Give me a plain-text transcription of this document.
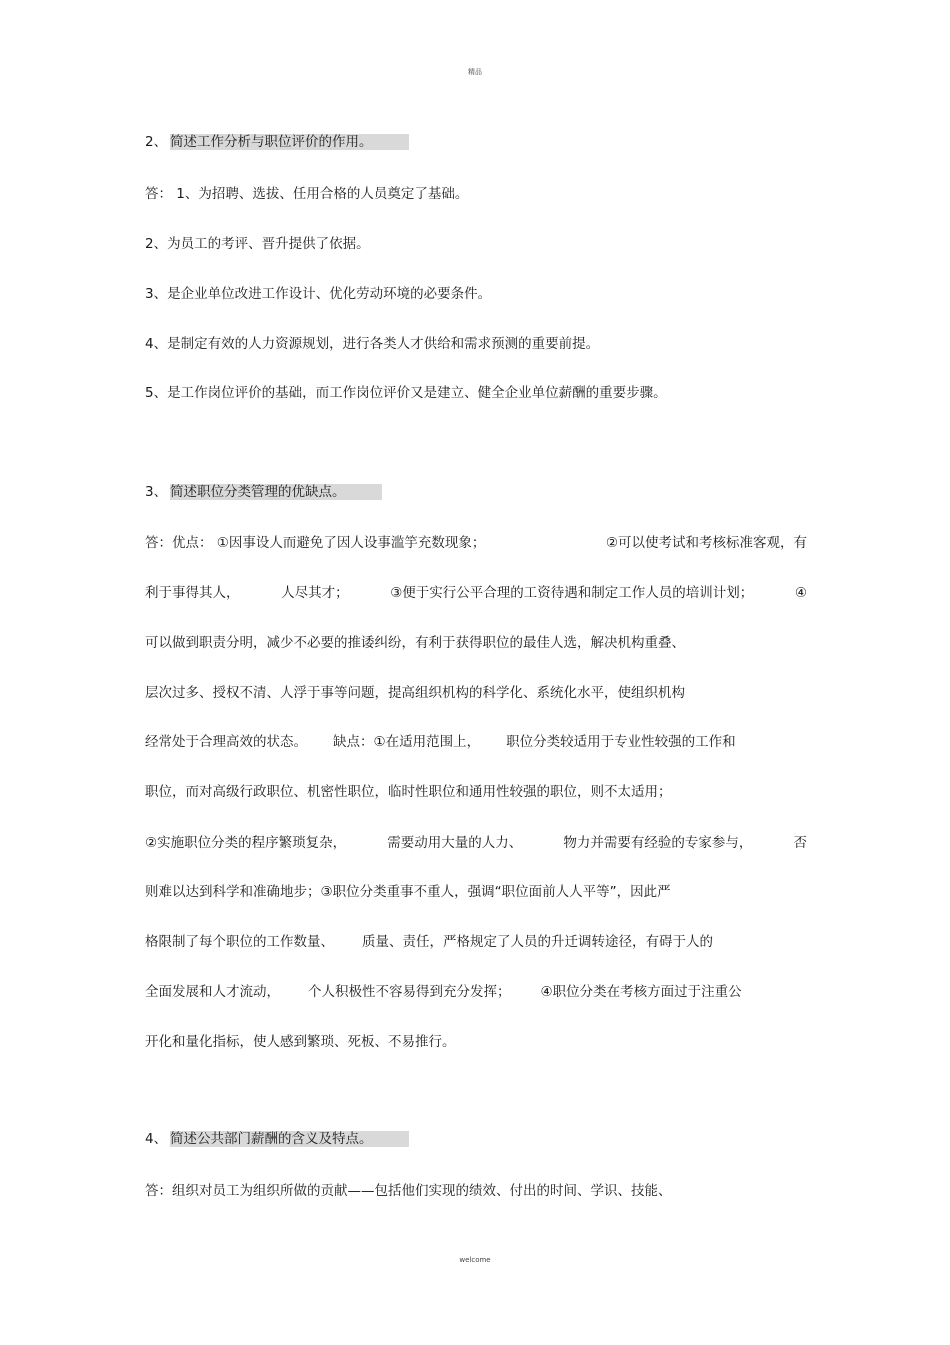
精品
2、 简述工作分析与职位评价的作用。
答： 1、为招聘、选拔、任用合格的人员奠定了基础。
2、为员工的考评、晋升提供了依据。
3、是企业单位改进工作设计、优化劳动环境的必要条件。
4、是制定有效的人力资源规划，进行各类人才供给和需求预测的重要前提。
5、是工作岗位评价的基础，而工作岗位评价又是建立、健全企业单位薪酬的重要步骤。
3、 简述职位分类管理的优缺点。
答：优点： ①因事设人而避免了因人设事滥竽充数现象；	②可以使考试和考核标准客观，有
利于事得其人，	人尽其才；	③便于实行公平合理的工资待遇和制定工作人员的培训计划；	④
可以做到职责分明，减少不必要的推诿纠纷，有利于获得职位的最佳人选，解决机构重叠、
层次过多、授权不清、人浮于事等问题，提高组织机构的科学化、系统化水平，使组织机构
经常处于合理高效的状态。 缺点：①在适用范围上， 职位分类较适用于专业性较强的工作和
职位，而对高级行政职位、机密性职位，临时性职位和通用性较强的职位，则不太适用；
②实施职位分类的程序繁琐复杂，	需要动用大量的人力、	物力并需要有经验的专家参与，	否
则难以达到科学和准确地步；③职位分类重事不重人，强调“职位面前人人平等”，因此严
格限制了每个职位的工作数量、 质量、责任，严格规定了人员的升迁调转途径，有碍于人的
全面发展和人才流动， 个人积极性不容易得到充分发挥； ④职位分类在考核方面过于注重公
开化和量化指标，使人感到繁琐、死板、不易推行。
4、 简述公共部门薪酬的含义及特点。
答：组织对员工为组织所做的贡献——包括他们实现的绩效、付出的时间、学识、技能、
welcome
